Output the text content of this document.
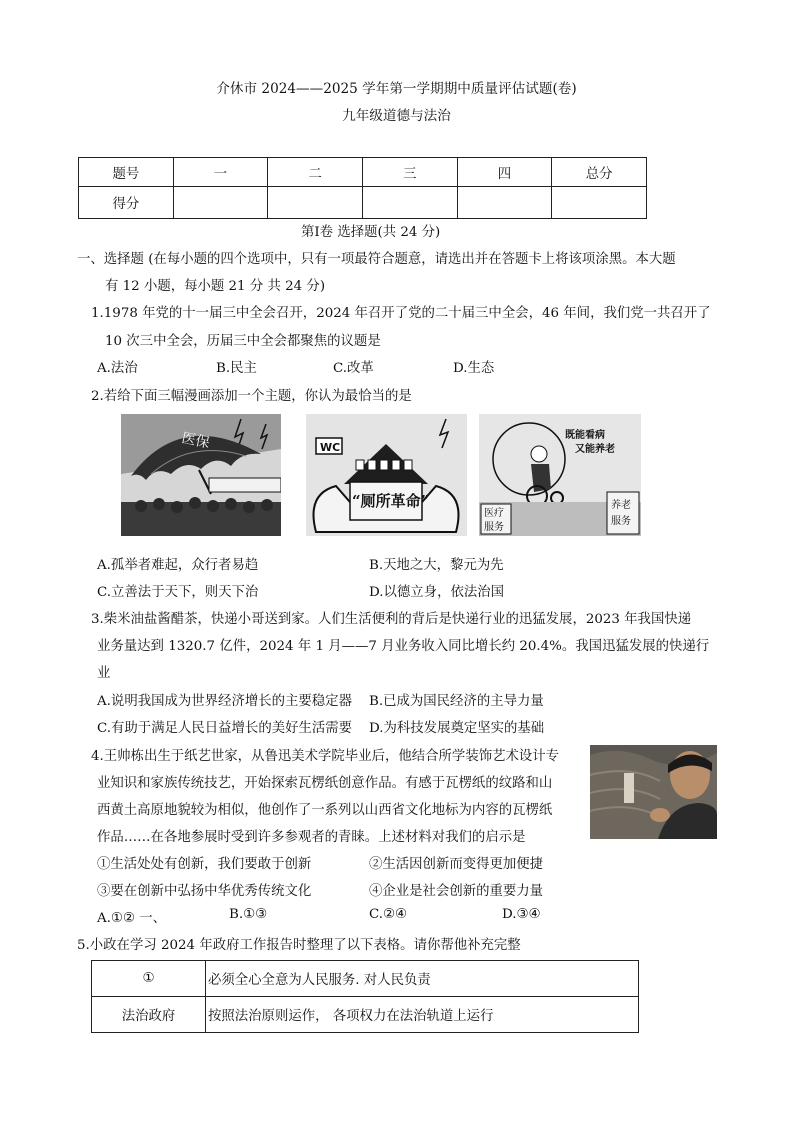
介休市 2024——2025 学年第一学期期中质量评估试题(卷)
九年级道德与法治
题号	一	二	三	四	总分
得分					
第Ⅰ卷 选择题(共 24 分)
一、选择题 (在每小题的四个选项中，只有一项最符合题意，请选出并在答题卡上将该项涂黑。本大题
有 12 小题，每小题 21 分 共 24 分)
1.1978 年党的十一届三中全会召开，2024 年召开了党的二十届三中全会，46 年间，我们党一共召开了
10 次三中全会，历届三中全会都聚焦的议题是
A.法治	B.民主	C.改革	D.生态
2.若给下面三幅漫画添加一个主题，你认为最恰当的是
医保	WC
“厕所革命”
既能看病
又能养老
医疗
服务
养老
服务
A.孤举者难起，众行者易趋	B.天地之大，黎元为先
C.立善法于天下，则天下治	D.以德立身，依法治国
3.柴米油盐酱醋茶，快递小哥送到家。人们生活便利的背后是快递行业的迅猛发展，2023 年我国快递
业务量达到 1320.7 亿件，2024 年 1 月——7 月业务收入同比增长约 20.4%。我国迅猛发展的快递行
业
A.说明我国成为世界经济增长的主要稳定器 B.已成为国民经济的主导力量
C.有助于满足人民日益增长的美好生活需要 D.为科技发展奠定坚实的基础
4.王帅栋出生于纸艺世家，从鲁迅美术学院毕业后，他结合所学装饰艺术设计专
业知识和家族传统技艺，开始探索瓦楞纸创意作品。有感于瓦楞纸的纹路和山
西黄土高原地貌较为相似，他创作了一系列以山西省文化地标为内容的瓦楞纸
作品……在各地参展时受到许多参观者的青睐。上述材料对我们的启示是
①生活处处有创新，我们要敢于创新	②生活因创新而变得更加便捷
③要在创新中弘扬中华优秀传统文化	④企业是社会创新的重要力量
A.①② 一、	B.①③	C.②④	D.③④
5.小政在学习 2024 年政府工作报告时整理了以下表格。请你帮他补充完整
①	必须全心全意为人民服务. 对人民负责
法治政府	按照法治原则运作， 各项权力在法治轨道上运行
